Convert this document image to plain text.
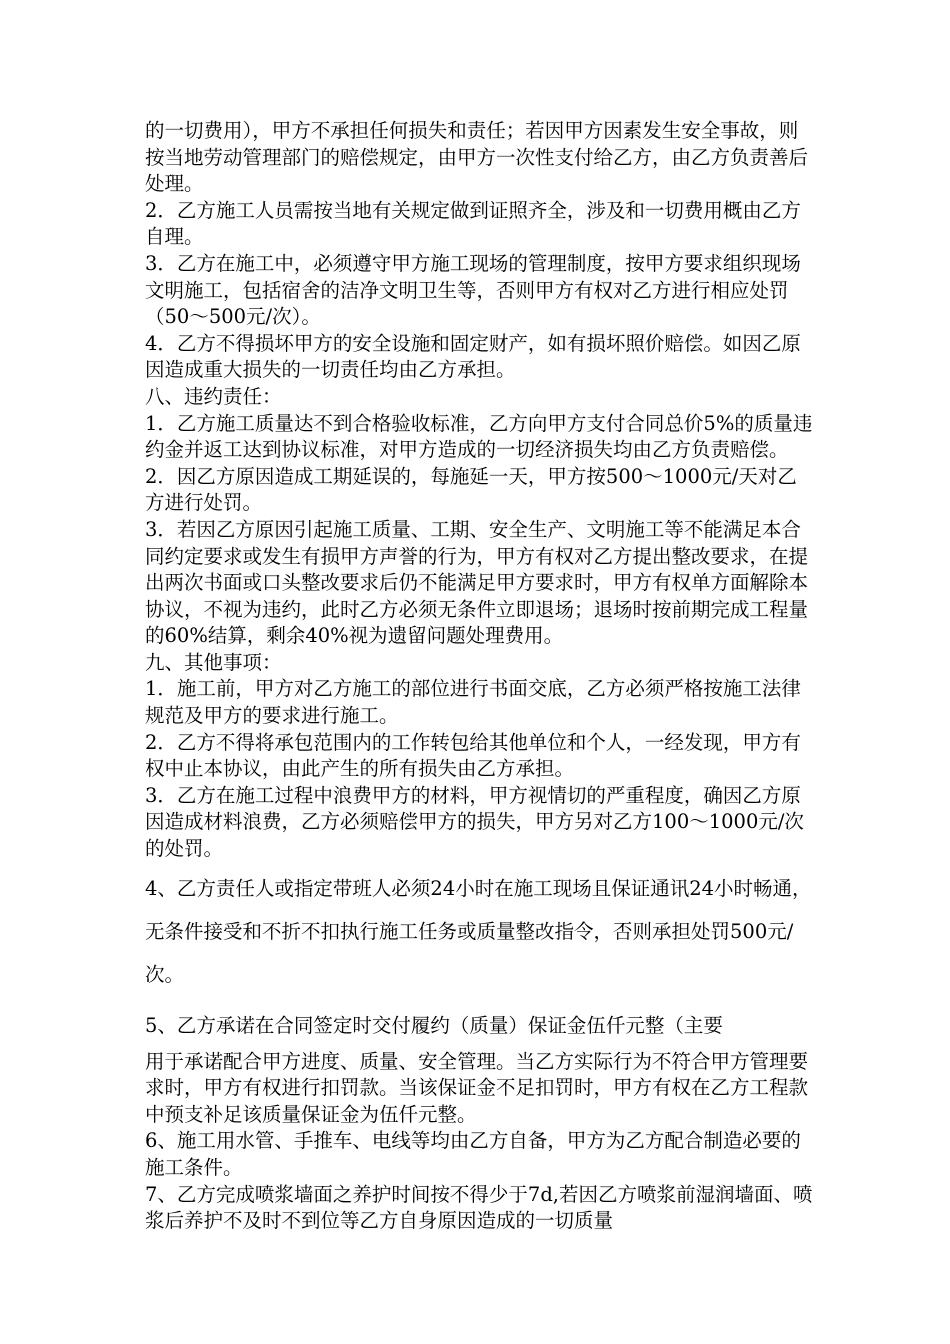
的一切费用），甲方不承担任何损失和责任；若因甲方因素发生安全事故，则按当地劳动管理部门的赔偿规定，由甲方一次性支付给乙方，由乙方负责善后处理。

2．乙方施工人员需按当地有关规定做到证照齐全，涉及和一切费用概由乙方自理。

3．乙方在施工中，必须遵守甲方施工现场的管理制度，按甲方要求组织现场文明施工，包括宿舍的洁净文明卫生等，否则甲方有权对乙方进行相应处罚（50～500元/次）。

4．乙方不得损坏甲方的安全设施和固定财产，如有损坏照价赔偿。如因乙原因造成重大损失的一切责任均由乙方承担。

八、违约责任：

1．乙方施工质量达不到合格验收标准，乙方向甲方支付合同总价5%的质量违约金并返工达到协议标准，对甲方造成的一切经济损失均由乙方负责赔偿。

2．因乙方原因造成工期延误的，每施延一天，甲方按500～1000元/天对乙方进行处罚。

3．若因乙方原因引起施工质量、工期、安全生产、文明施工等不能满足本合同约定要求或发生有损甲方声誉的行为，甲方有权对乙方提出整改要求，在提出两次书面或口头整改要求后仍不能满足甲方要求时，甲方有权单方面解除本协议，不视为违约，此时乙方必须无条件立即退场；退场时按前期完成工程量的60%结算，剩余40%视为遗留问题处理费用。

九、其他事项：

1．施工前，甲方对乙方施工的部位进行书面交底，乙方必须严格按施工法律规范及甲方的要求进行施工。

2．乙方不得将承包范围内的工作转包给其他单位和个人，一经发现，甲方有权中止本协议，由此产生的所有损失由乙方承担。

3．乙方在施工过程中浪费甲方的材料，甲方视情切的严重程度，确因乙方原因造成材料浪费，乙方必须赔偿甲方的损失，甲方另对乙方100～1000元/次的处罚。

4、乙方责任人或指定带班人必须24小时在施工现场且保证通讯24小时畅通，无条件接受和不折不扣执行施工任务或质量整改指令，否则承担处罚500元/次。

5、乙方承诺在合同签定时交付履约（质量）保证金伍仟元整（主要

用于承诺配合甲方进度、质量、安全管理。当乙方实际行为不符合甲方管理要求时，甲方有权进行扣罚款。当该保证金不足扣罚时，甲方有权在乙方工程款中预支补足该质量保证金为伍仟元整。

6、施工用水管、手推车、电线等均由乙方自备，甲方为乙方配合制造必要的施工条件。

7、乙方完成喷浆墙面之养护时间按不得少于7d,若因乙方喷浆前湿润墙面、喷浆后养护不及时不到位等乙方自身原因造成的一切质量
